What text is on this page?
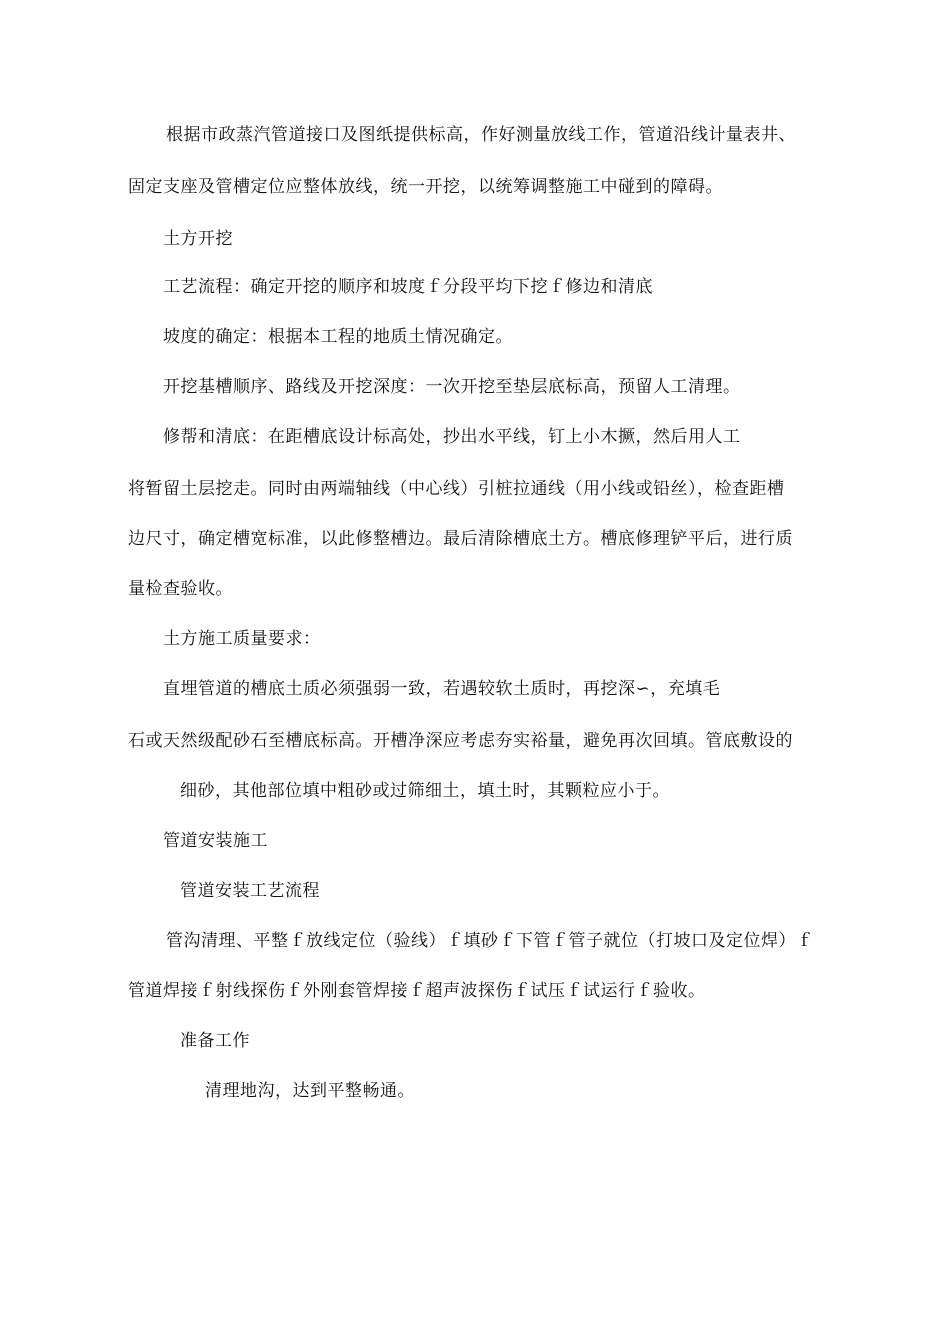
根据市政蒸汽管道接口及图纸提供标高，作好测量放线工作，管道沿线计量表井、
固定支座及管槽定位应整体放线，统一开挖，以统筹调整施工中碰到的障碍。
土方开挖
工艺流程：确定开挖的顺序和坡度ｆ分段平均下挖ｆ修边和清底
坡度的确定：根据本工程的地质土情况确定。
开挖基槽顺序、路线及开挖深度：一次开挖至垫层底标高，预留人工清理。
修帮和清底：在距槽底设计标高处，抄出水平线，钉上小木撅，然后用人工
将暂留土层挖走。同时由两端轴线（中心线）引桩拉通线（用小线或铅丝），检查距槽
边尺寸，确定槽宽标准，以此修整槽边。最后清除槽底土方。槽底修理铲平后，进行质
量检查验收。
土方施工质量要求：
直埋管道的槽底土质必须强弱一致，若遇较软土质时，再挖深∽，充填毛
石或天然级配砂石至槽底标高。开槽净深应考虑夯实裕量，避免再次回填。管底敷设的
细砂，其他部位填中粗砂或过筛细土，填土时，其颗粒应小于。
管道安装施工
管道安装工艺流程
管沟清理、平整ｆ放线定位（验线）ｆ填砂ｆ下管ｆ管子就位（打坡口及定位焊）ｆ
管道焊接ｆ射线探伤ｆ外刚套管焊接ｆ超声波探伤ｆ试压ｆ试运行ｆ验收。
准备工作
清理地沟，达到平整畅通。
